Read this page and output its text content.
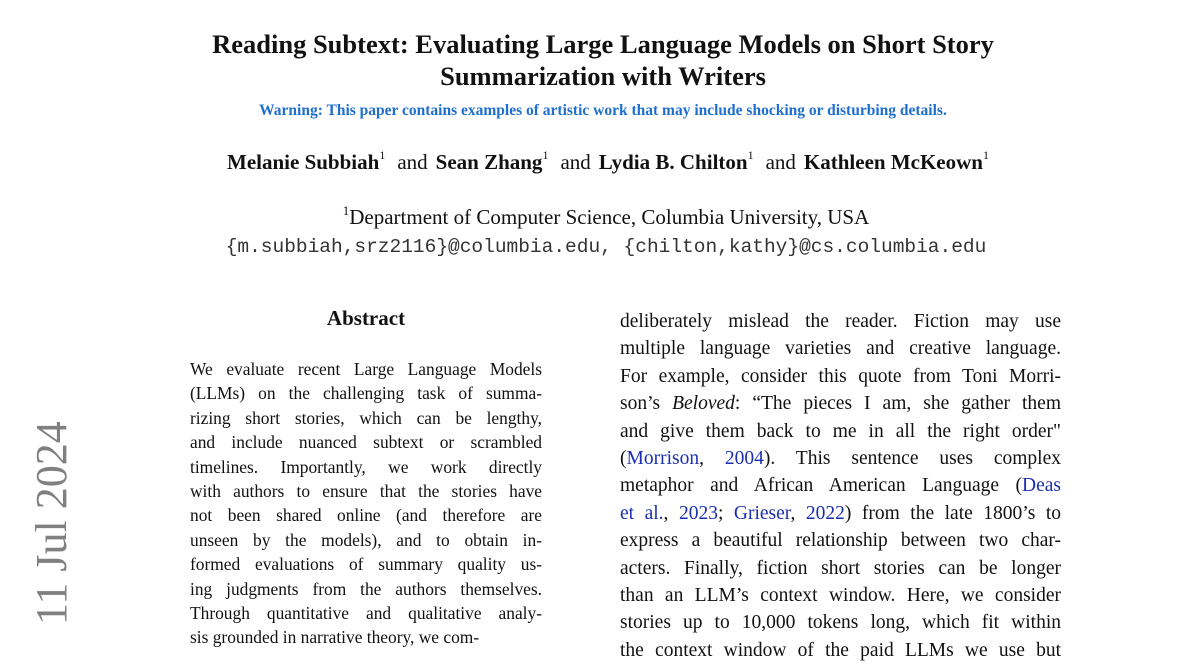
11 Jul 2024
Reading Subtext: Evaluating Large Language Models on Short Story
Summarization with Writers
Warning: This paper contains examples of artistic work that may include shocking or disturbing details.
Melanie Subbiah$^1$ and Sean Zhang$^1$ and Lydia B. Chilton$^1$ and Kathleen McKeown$^1$
$^1$Department of Computer Science, Columbia University, USA
{m.subbiah,srz2116}@columbia.edu, {chilton,kathy}@cs.columbia.edu
Abstract
We evaluate recent Large Language Models
(LLMs) on the challenging task of summa-
rizing short stories, which can be lengthy,
and include nuanced subtext or scrambled
timelines. Importantly, we work directly
with authors to ensure that the stories have
not been shared online (and therefore are
unseen by the models), and to obtain in-
formed evaluations of summary quality us-
ing judgments from the authors themselves.
Through quantitative and qualitative analy-
sis grounded in narrative theory, we com-
deliberately mislead the reader. Fiction may use
multiple language varieties and creative language.
For example, consider this quote from Toni Morri-
son’s Beloved: “The pieces I am, she gather them
and give them back to me in all the right order"
(Morrison, 2004). This sentence uses complex
metaphor and African American Language (Deas
et al., 2023; Grieser, 2022) from the late 1800’s to
express a beautiful relationship between two char-
acters. Finally, fiction short stories can be longer
than an LLM’s context window. Here, we consider
stories up to 10,000 tokens long, which fit within
the context window of the paid LLMs we use but
